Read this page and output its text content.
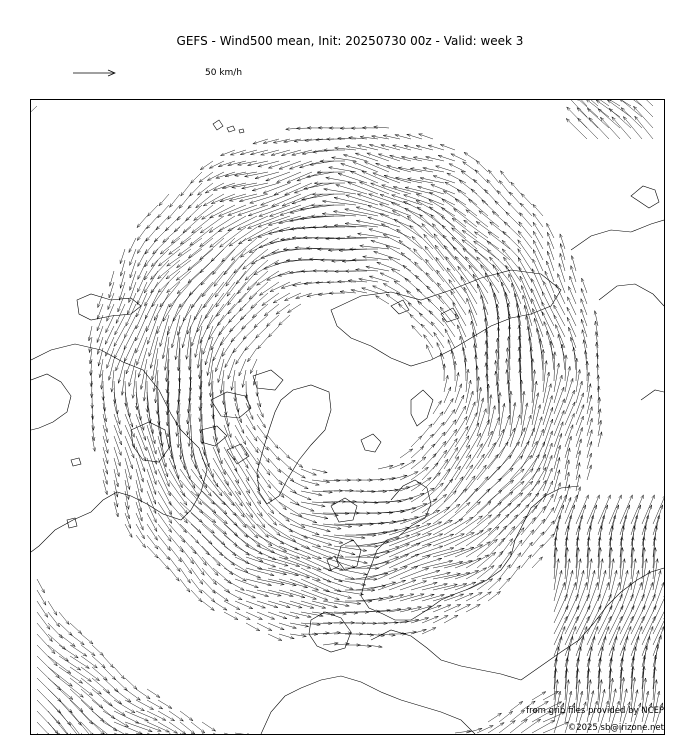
GEFS - Wind500 mean, Init: 20250730 00z - Valid: week 3
50 km/h
from grib files provided by NCEP
©2025 sb@irizone.net
